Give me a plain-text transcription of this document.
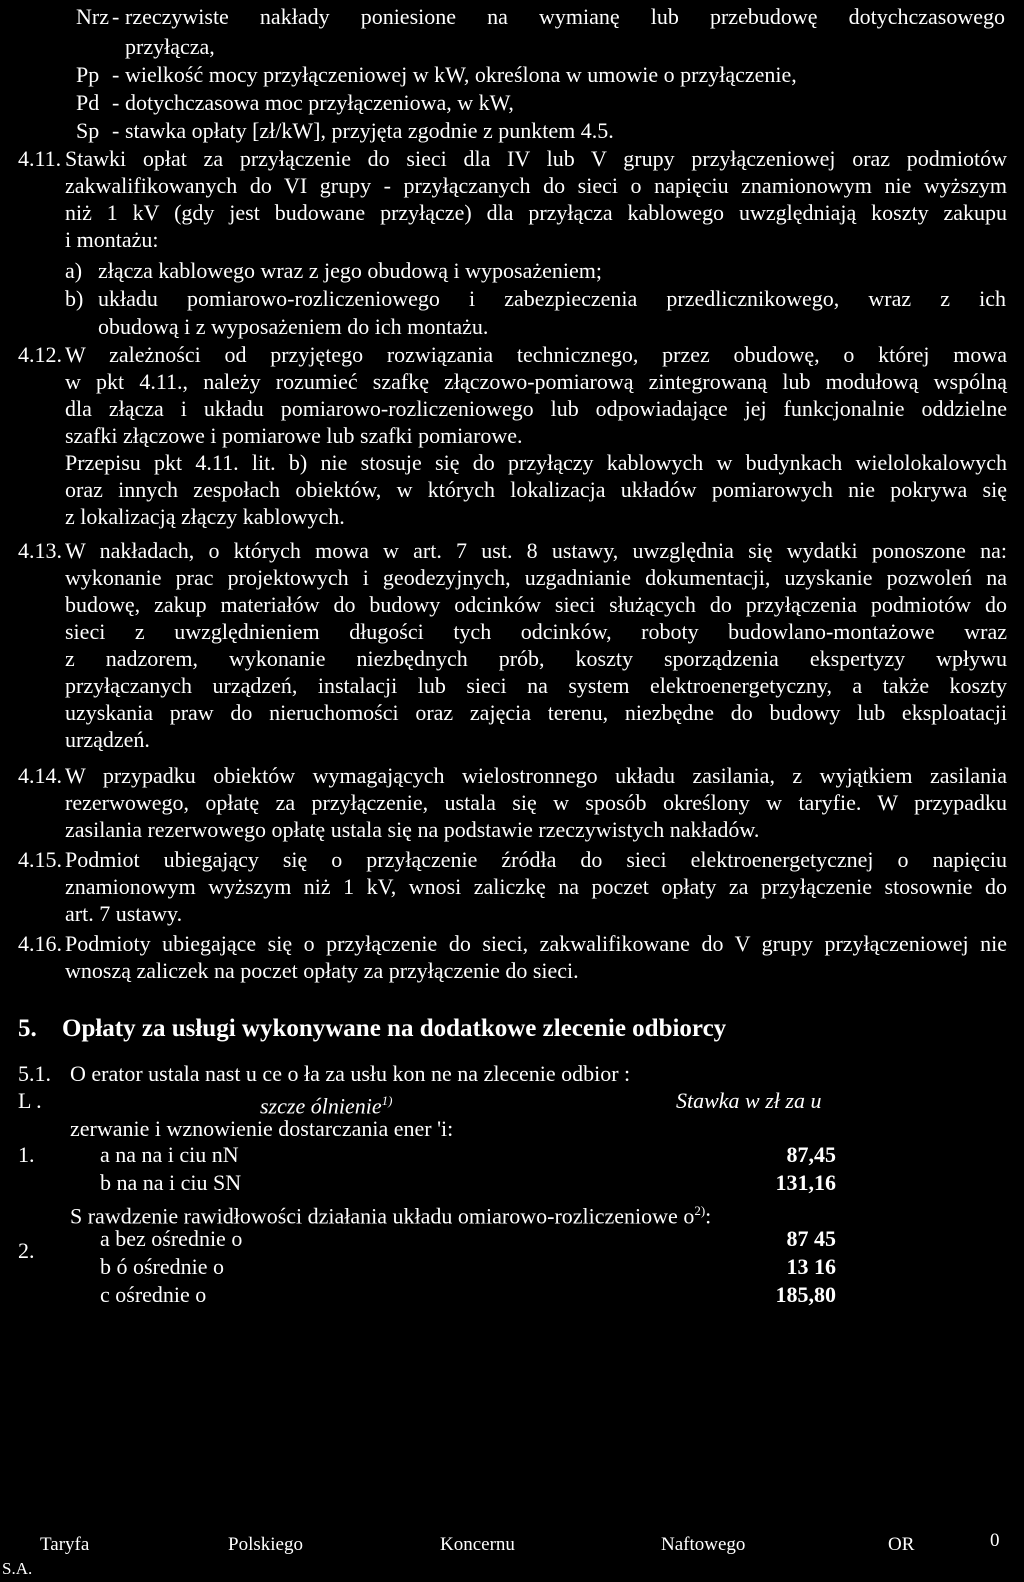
Nrz - rzeczywiste nakłady poniesione na wymianę lub przebudowę dotychczasowego
przyłącza,
Pp - wielkość mocy przyłączeniowej w kW, określona w umowie o przyłączenie,
Pd - dotychczasowa moc przyłączeniowa, w kW,
Sp - stawka opłaty [zł/kW], przyjęta zgodnie z punktem 4.5.
4.11. Stawki opłat za przyłączenie do sieci dla IV lub V grupy przyłączeniowej oraz podmiotów
zakwalifikowanych do VI grupy - przyłączanych do sieci o napięciu znamionowym nie wyższym
niż 1 kV (gdy jest budowane przyłącze) dla przyłącza kablowego uwzględniają koszty zakupu
i montażu:
a) złącza kablowego wraz z jego obudową i wyposażeniem;
b) układu pomiarowo-rozliczeniowego i zabezpieczenia przedlicznikowego, wraz z ich
obudową i z wyposażeniem do ich montażu.
4.12. W zależności od przyjętego rozwiązania technicznego, przez obudowę, o której mowa
w pkt 4.11., należy rozumieć szafkę złączowo-pomiarową zintegrowaną lub modułową wspólną
dla złącza i układu pomiarowo-rozliczeniowego lub odpowiadające jej funkcjonalnie oddzielne
szafki złączowe i pomiarowe lub szafki pomiarowe.
Przepisu pkt 4.11. lit. b) nie stosuje się do przyłączy kablowych w budynkach wielolokalowych
oraz innych zespołach obiektów, w których lokalizacja układów pomiarowych nie pokrywa się
z lokalizacją złączy kablowych.
4.13. W nakładach, o których mowa w art. 7 ust. 8 ustawy, uwzględnia się wydatki ponoszone na:
wykonanie prac projektowych i geodezyjnych, uzgadnianie dokumentacji, uzyskanie pozwoleń na
budowę, zakup materiałów do budowy odcinków sieci służących do przyłączenia podmiotów do
sieci z uwzględnieniem długości tych odcinków, roboty budowlano-montażowe wraz
z nadzorem, wykonanie niezbędnych prób, koszty sporządzenia ekspertyzy wpływu
przyłączanych urządzeń, instalacji lub sieci na system elektroenergetyczny, a także koszty
uzyskania praw do nieruchomości oraz zajęcia terenu, niezbędne do budowy lub eksploatacji
urządzeń.
4.14. W przypadku obiektów wymagających wielostronnego układu zasilania, z wyjątkiem zasilania
rezerwowego, opłatę za przyłączenie, ustala się w sposób określony w taryfie. W przypadku
zasilania rezerwowego opłatę ustala się na podstawie rzeczywistych nakładów.
4.15. Podmiot ubiegający się o przyłączenie źródła do sieci elektroenergetycznej o napięciu
znamionowym wyższym niż 1 kV, wnosi zaliczkę na poczet opłaty za przyłączenie stosownie do
art. 7 ustawy.
4.16. Podmioty ubiegające się o przyłączenie do sieci, zakwalifikowane do V grupy przyłączeniowej nie
wnoszą zaliczek na poczet opłaty za przyłączenie do sieci.
5. Opłaty za usługi wykonywane na dodatkowe zlecenie odbiorcy
5.1. O erator ustala nast u ce o ła za usłu kon ne na zlecenie odbior :
L .	szcze ólnienie$^{1)}$	Stawka w zł za u
zerwanie i wznowienie dostarczania ener 'i:
1.	a na na i ciu nN	87,45
b na na i ciu SN	131,16
S rawdzenie rawidłowości działania układu omiarowo-rozliczeniowe $o^{2)}$:
2.	a bez ośrednie o	87 45
b ó ośrednie o	13 16
c ośrednie o	185,80
Taryfa	Polskiego	Koncernu	Naftowego	OR	0
S.A.
